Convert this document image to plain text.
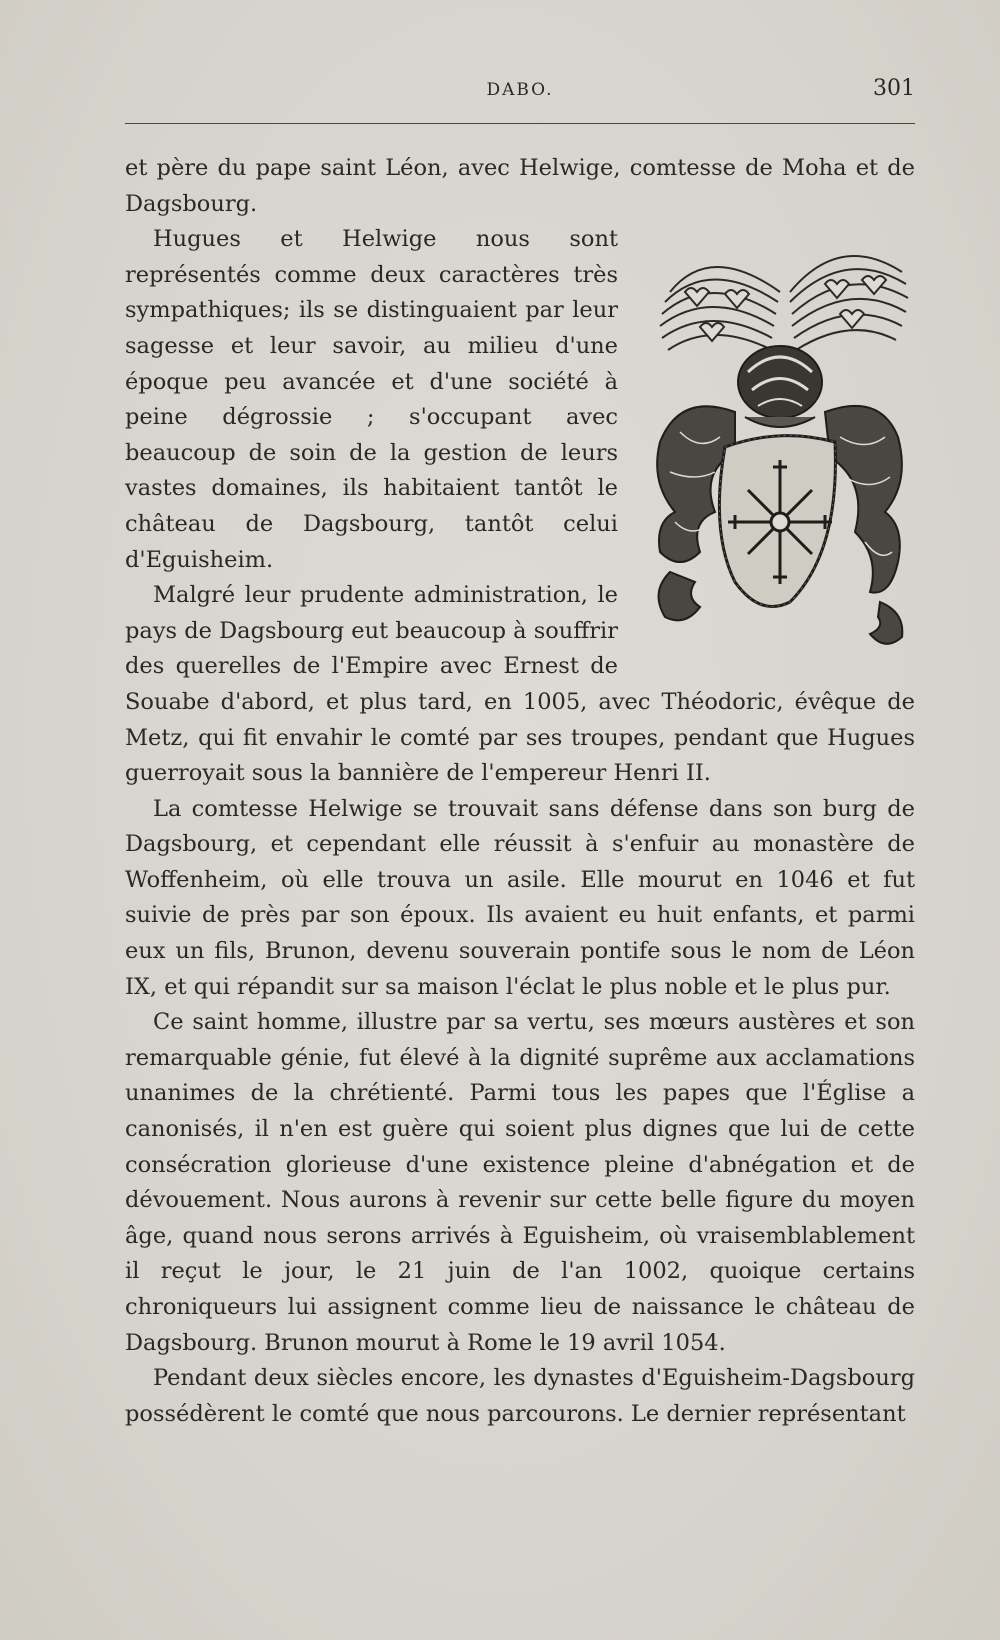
DABO.	301

et père du pape saint Léon, avec Helwige, comtesse de Moha et de Dagsbourg.

Hugues et Helwige nous sont représentés comme deux caractères très sympathiques; ils se distinguaient par leur sagesse et leur savoir, au milieu d'une époque peu avancée et d'une société à peine dégrossie ; s'occupant avec beaucoup de soin de la gestion de leurs vastes domaines, ils habitaient tantôt le château de Dagsbourg, tantôt celui d'Eguisheim.

Malgré leur prudente administration, le pays de Dagsbourg eut beaucoup à souffrir des querelles de l'Empire avec Ernest de Souabe d'abord, et plus tard, en 1005, avec Théodoric, évêque de Metz, qui fit envahir le comté par ses troupes, pendant que Hugues guerroyait sous la bannière de l'empereur Henri II.

La comtesse Helwige se trouvait sans défense dans son burg de Dagsbourg, et cependant elle réussit à s'enfuir au monastère de Woffenheim, où elle trouva un asile. Elle mourut en 1046 et fut suivie de près par son époux. Ils avaient eu huit enfants, et parmi eux un fils, Brunon, devenu souverain pontife sous le nom de Léon IX, et qui répandit sur sa maison l'éclat le plus noble et le plus pur.

Ce saint homme, illustre par sa vertu, ses mœurs austères et son remarquable génie, fut élevé à la dignité suprême aux acclamations unanimes de la chrétienté. Parmi tous les papes que l'Église a canonisés, il n'en est guère qui soient plus dignes que lui de cette consécration glorieuse d'une existence pleine d'abnégation et de dévouement. Nous aurons à revenir sur cette belle figure du moyen âge, quand nous serons arrivés à Eguisheim, où vraisemblablement il reçut le jour, le 21 juin de l'an 1002, quoique certains chroniqueurs lui assignent comme lieu de naissance le château de Dagsbourg. Brunon mourut à Rome le 19 avril 1054.

Pendant deux siècles encore, les dynastes d'Eguisheim-Dagsbourg possédèrent le comté que nous parcourons. Le dernier représentant
